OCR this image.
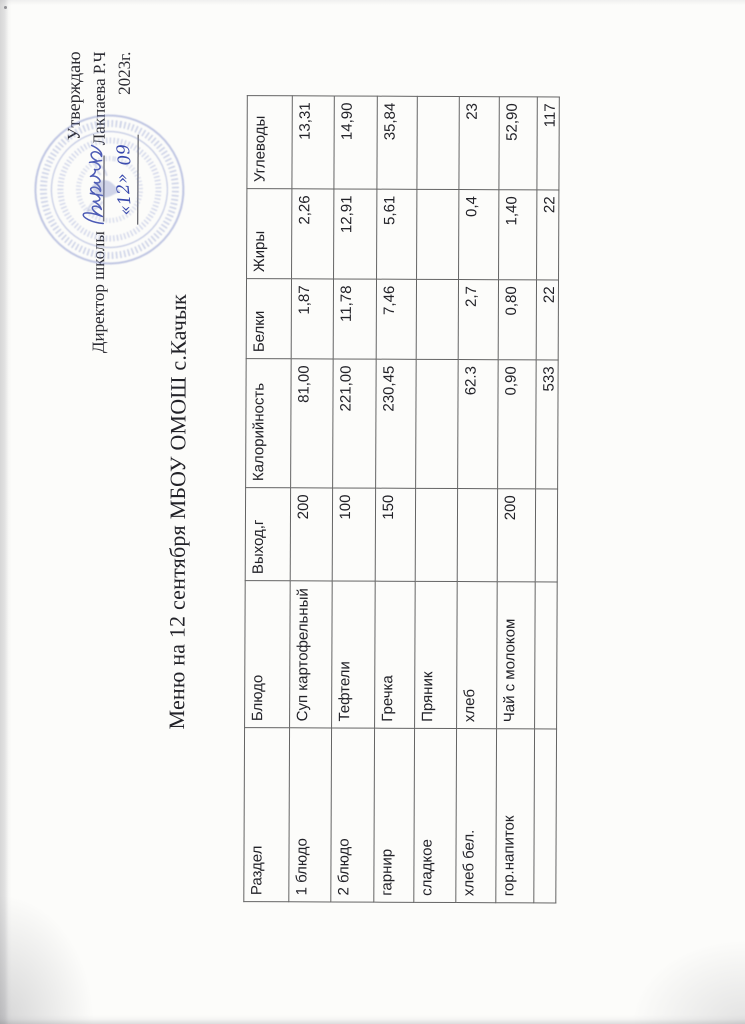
Утверждаю
Директор школы
Лакпаева Р.Ч
«12»  092023г.
Меню на 12 сентября МБОУ ОМОШ с.Качык
Раздел	Блюдо	Выход,г	Калорийность	Белки	Жиры	Углеводы
1 блюдо	Суп картофельный	200	81,00	1,87	2,26	13,31
2 блюдо	Тефтели	100	221,00	11,78	12,91	14,90
гарнир	Гречка	150	230,45	7,46	5,61	35,84
сладкое	Пряник					
хлеб бел.	хлеб		62.3	2,7	0,4	23
гор.напиток	Чай с молоком	200	0,90	0,80	1,40	52,90
			533	22	22	117
